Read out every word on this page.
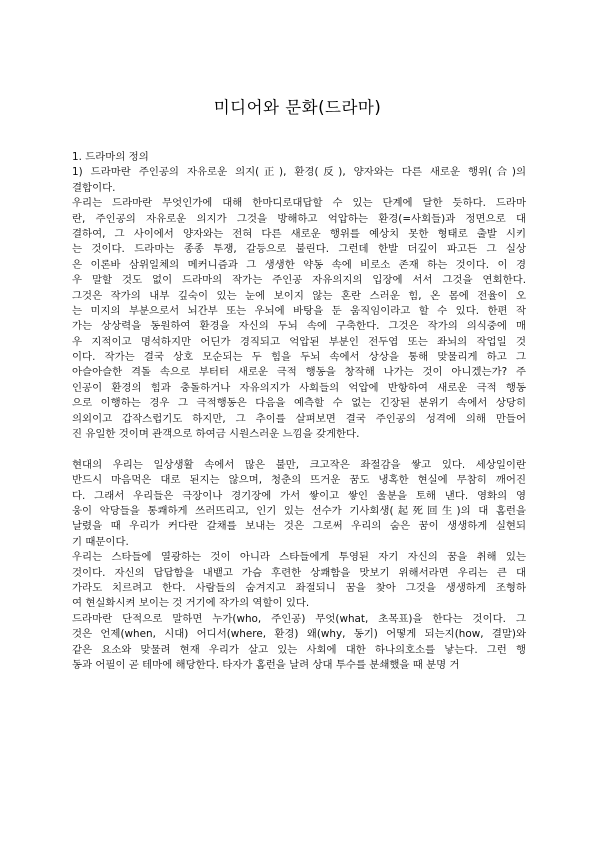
미디어와 문화(드라마)
1. 드라마의 정의
1) 드라마란 주인공의 자유로운 의지(正), 환경(反), 양자와는 다른 새로운 행위(合)의
결합이다.
우리는 드라마란 무엇인가에 대해 한마디로대답할 수 있는 단계에 달한 듯하다. 드라마
란, 주인공의 자유로운 의지가 그것을 방해하고 억압하는 환경(=사회들)과 정면으로 대
결하여, 그 사이에서 양자와는 전혀 다른 새로운 행위를 예상치 못한 형태로 출발 시키
는 것이다. 드라마는 종종 투쟁, 갈등으로 불린다. 그런데 한발 더깊이 파고든 그 실상
은 이론바 삼위일체의 메커니즘과 그 생생한 약동 속에 비로소 존재 하는 것이다. 이 경
우 말할 것도 없이 드라마의 작가는 주인공 자유의지의 입장에 서서 그것을 연회한다.
그것은 작가의 내부 깊숙이 있는 눈에 보이지 않는 혼란 스러운 힘, 온 몸에 전율이 오
는 미지의 부분으로서 뇌간부 또는 우뇌에 바탕을 둔 움직임이라고 할 수 있다. 한편 작
가는 상상력을 동원하여 환경을 자신의 두뇌 속에 구축한다. 그것은 작가의 의식중에 매
우 지적이고 명석하지만 어딘가 경직되고 억압된 부분인 전두엽 또는 좌뇌의 작업일 것
이다. 작가는 결국 상호 모순되는 두 힘을 두뇌 속에서 상상을 통해 맞물리게 하고 그
아슬아슬한 격돌 속으로 부터터 새로운 극적 행동을 창작해 나가는 것이 아니겠는가? 주
인공이 환경의 힘과 충돌하거나 자유의지가 사회들의 억압에 반항하여 새로운 극적 행동
으로 이행하는 경우 그 극적행동은 다음을 예측할 수 없는 긴장된 분위기 속에서 상당히
의외이고 갑작스럽기도 하지만, 그 추이를 살펴보면 결국 주인공의 성격에 의해 만들어
진 유일한 것이며 관객으로 하여금 시원스러운 느낌을 갖게한다.
현대의 우리는 일상생활 속에서 많은 불만, 크고작은 좌절감을 쌓고 있다. 세상일이란
반드시 마음먹은 대로 된지는 않으며, 청춘의 뜨거운 꿈도 냉혹한 현실에 무참히 깨어진
다. 그래서 우리들은 극장이나 경기장에 가서 쌓이고 쌓인 울분을 토해 낸다. 영화의 영
웅이 악당들을 통쾌하게 쓰러뜨리고, 인기 있는 선수가 기사회생(起死回生)의 대 홈런을
날렸을 때 우리가 커다란 갈채를 보내는 것은 그로써 우리의 숨은 꿈이 생생하게 실현되
기 때문이다.
우리는 스타들에 열광하는 것이 아니라 스타들에게 투영된 자기 자신의 꿈을 취해 있는
것이다. 자신의 답답함을 내뱉고 가슴 후련한 상쾌함을 맛보기 위해서라면 우리는 큰 대
가라도 치르려고 한다. 사람들의 숨겨지고 좌절되니 꿈을 찾아 그것을 생생하게 조형하
여 현실화시켜 보이는 것 거기에 작가의 역할이 있다.
드라마란 단적으로 말하면 누가(who, 주인공) 무엇(what, 초목표)을 한다는 것이다. 그
것은 언제(when, 시대) 어디서(where, 환경) 왜(why, 동기) 어떻게 되는지(how, 결말)와
같은 요소와 맞물려 현재 우리가 살고 있는 사회에 대한 하나의호소를 낳는다. 그런 행
동과 어필이 곧 테마에 해당한다. 타자가 홈런을 날려 상대 투수를 분쇄했을 때 분명 거
